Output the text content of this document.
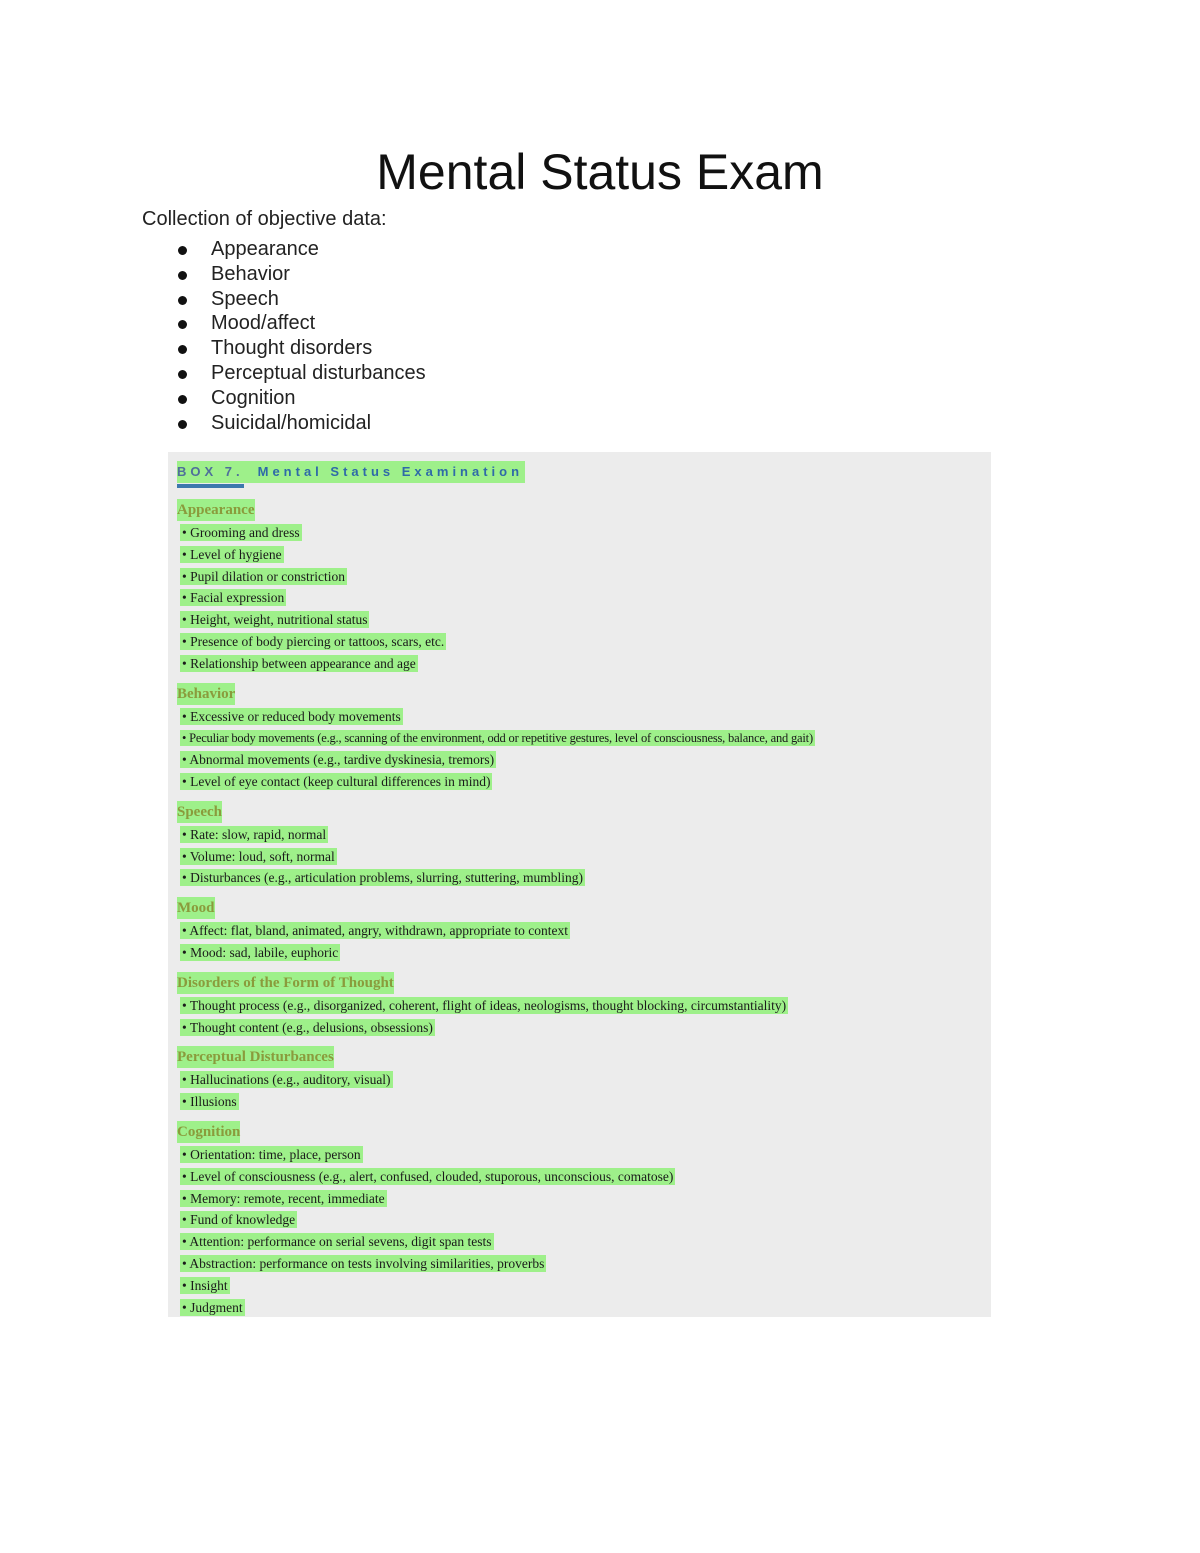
Mental Status Exam
Collection of objective data:
Appearance
Behavior
Speech
Mood/affect
Thought disorders
Perceptual disturbances
Cognition
Suicidal/homicidal
BOX 7. Mental Status Examination
Appearance
• Grooming and dress
• Level of hygiene
• Pupil dilation or constriction
• Facial expression
• Height, weight, nutritional status
• Presence of body piercing or tattoos, scars, etc.
• Relationship between appearance and age
Behavior
• Excessive or reduced body movements
• Peculiar body movements (e.g., scanning of the environment, odd or repetitive gestures, level of consciousness, balance, and gait)
• Abnormal movements (e.g., tardive dyskinesia, tremors)
• Level of eye contact (keep cultural differences in mind)
Speech
• Rate: slow, rapid, normal
• Volume: loud, soft, normal
• Disturbances (e.g., articulation problems, slurring, stuttering, mumbling)
Mood
• Affect: flat, bland, animated, angry, withdrawn, appropriate to context
• Mood: sad, labile, euphoric
Disorders of the Form of Thought
• Thought process (e.g., disorganized, coherent, flight of ideas, neologisms, thought blocking, circumstantiality)
• Thought content (e.g., delusions, obsessions)
Perceptual Disturbances
• Hallucinations (e.g., auditory, visual)
• Illusions
Cognition
• Orientation: time, place, person
• Level of consciousness (e.g., alert, confused, clouded, stuporous, unconscious, comatose)
• Memory: remote, recent, immediate
• Fund of knowledge
• Attention: performance on serial sevens, digit span tests
• Abstraction: performance on tests involving similarities, proverbs
• Insight
• Judgment
